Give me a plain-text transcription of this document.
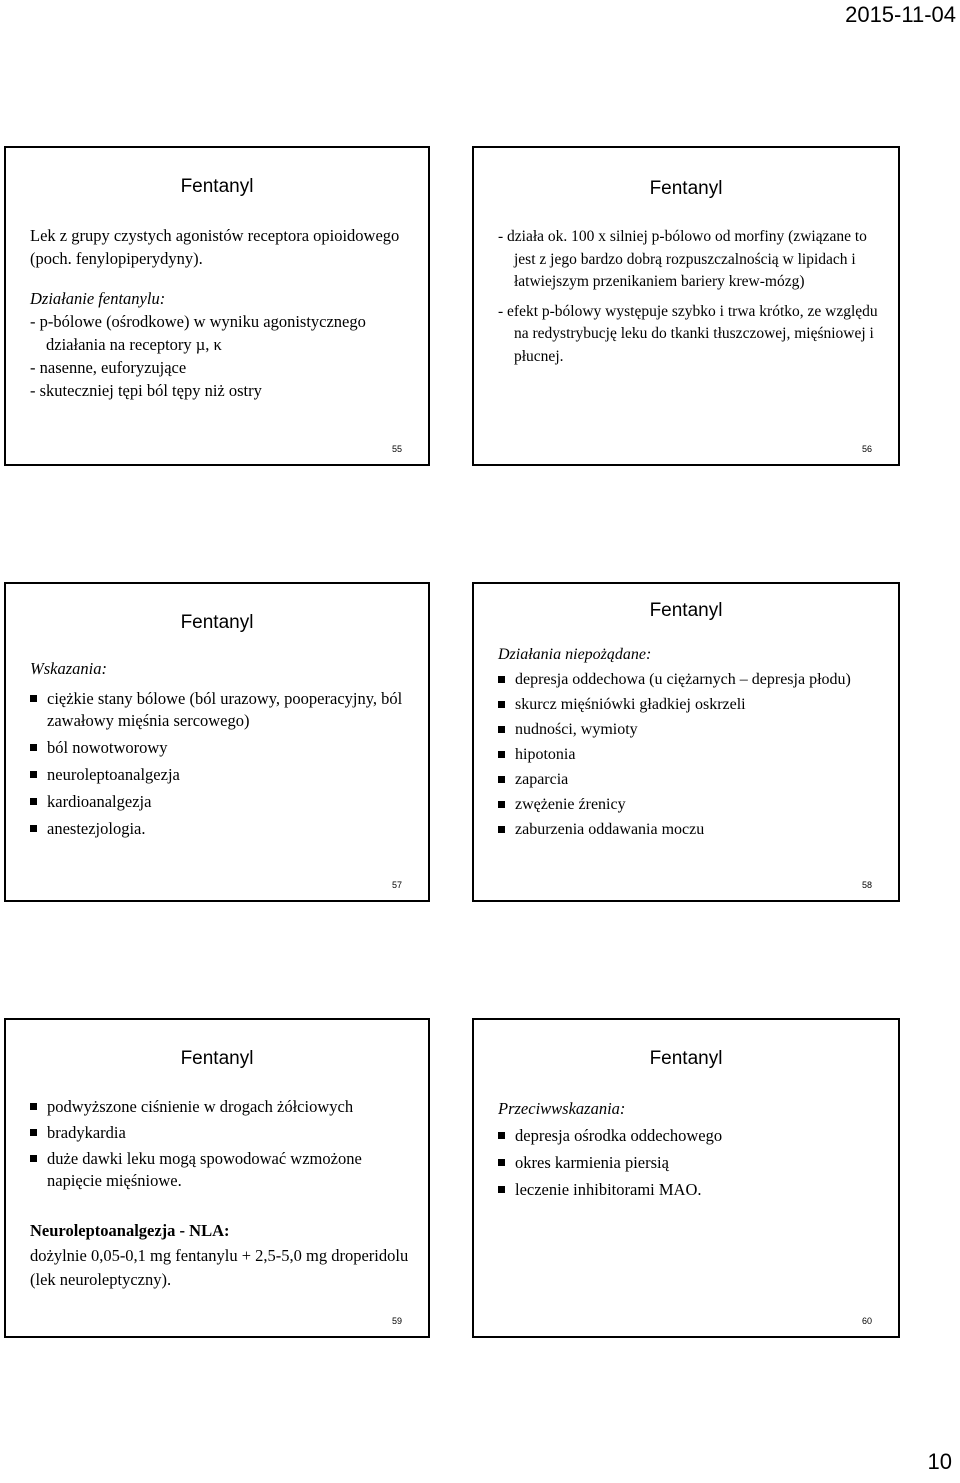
2015-11-04
Fentanyl

Lek z grupy czystych agonistów receptora opioidowego (poch. fenylopiperydyny).

Działanie fentanylu:

- p-bólowe (ośrodkowe) w wyniku agonistycznego działania na receptory µ, κ

- nasenne, euforyzujące

- skuteczniej tępi ból tępy niż ostry

55
Fentanyl

- działa ok. 100 x silniej p-bólowo od morfiny (związane to jest z jego bardzo dobrą rozpuszczalnością w lipidach i łatwiejszym przenikaniem bariery krew-mózg)

- efekt p-bólowy występuje szybko i trwa krótko, ze względu na redystrybucję leku do tkanki tłuszczowej, mięśniowej i płucnej.

56
Fentanyl

Wskazania:

ciężkie stany bólowe (ból urazowy, pooperacyjny, ból zawałowy mięśnia sercowego)

ból nowotworowy

neuroleptoanalgezja

kardioanalgezja

anestezjologia.

57
Fentanyl

Działania niepożądane:

depresja oddechowa (u ciężarnych – depresja płodu)

skurcz mięśniówki gładkiej oskrzeli

nudności, wymioty

hipotonia

zaparcia

zwężenie źrenicy

zaburzenia oddawania moczu

58
Fentanyl

podwyższone ciśnienie w drogach żółciowych

bradykardia

duże dawki leku mogą spowodować wzmożone napięcie mięśniowe.

Neuroleptoanalgezja - NLA:

dożylnie 0,05-0,1 mg fentanylu + 2,5-5,0 mg droperidolu (lek neuroleptyczny).

59
Fentanyl

Przeciwwskazania:

depresja ośrodka oddechowego

okres karmienia piersią

leczenie inhibitorami MAO.

60
10
